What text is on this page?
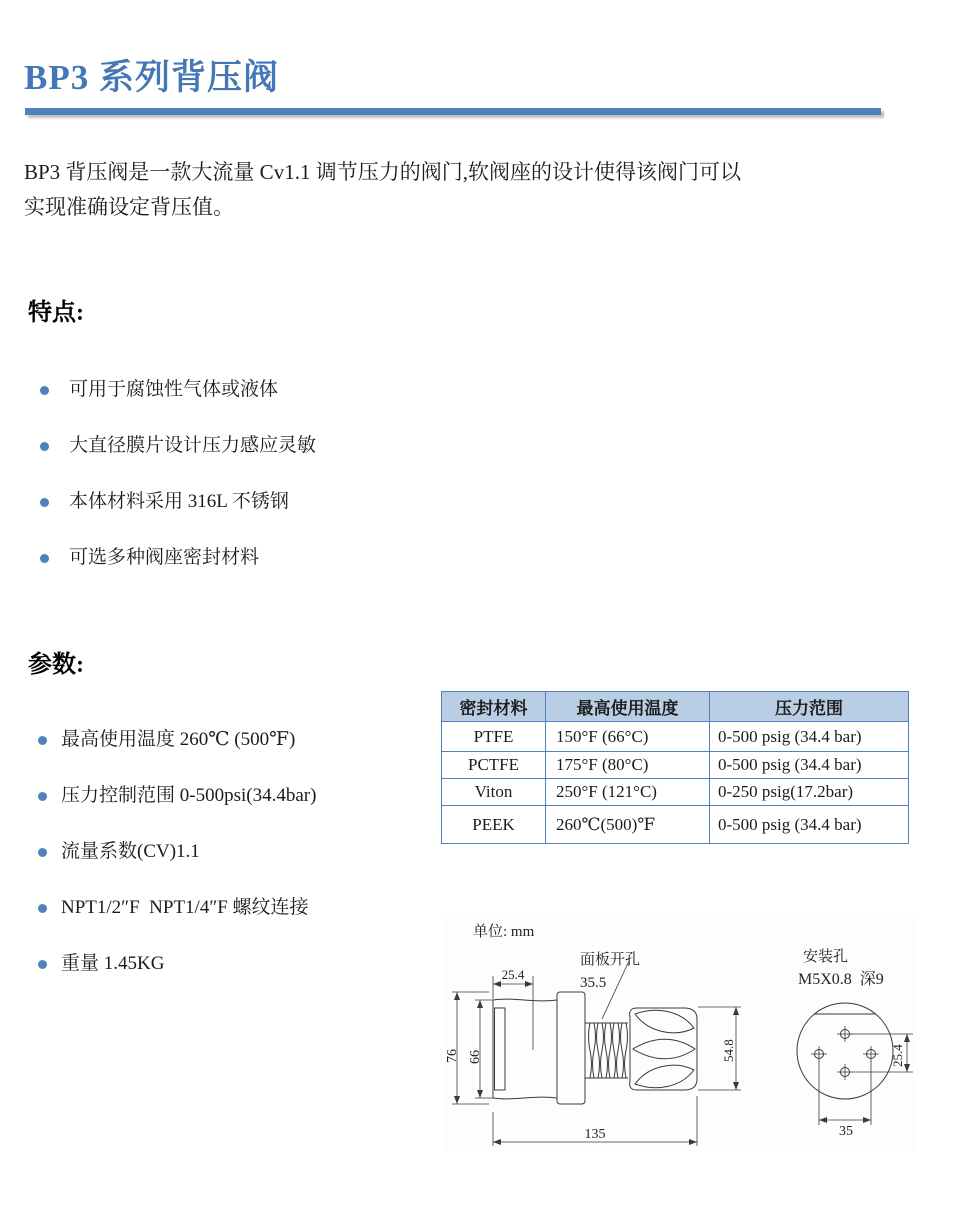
BP3 系列背压阀
BP3 背压阀是一款大流量 Cv1.1 调节压力的阀门,软阀座的设计使得该阀门可以
实现准确设定背压值。
特点:
可用于腐蚀性气体或液体
大直径膜片设计压力感应灵敏
本体材料采用 316L 不锈钢
可选多种阀座密封材料
参数:
最高使用温度 260℃ (500℉)
压力控制范围 0-500psi(34.4bar)
流量系数(CV)1.1
NPT1/2″F  NPT1/4″F 螺纹连接
重量 1.45KG
密封材料	最高使用温度	压力范围
PTFE	150°F (66°C)	0-500 psig (34.4 bar)
PCTFE	175°F (80°C)	0-500 psig (34.4 bar)
Viton	250°F (121°C)	0-250 psig(17.2bar)
PEEK	260℃(500)℉	0-500 psig (34.4 bar)
单位: mm
面板开孔
35.5
安装孔
M5X0.8  深9
25.4
76 66	54.8
135
25.4
35
